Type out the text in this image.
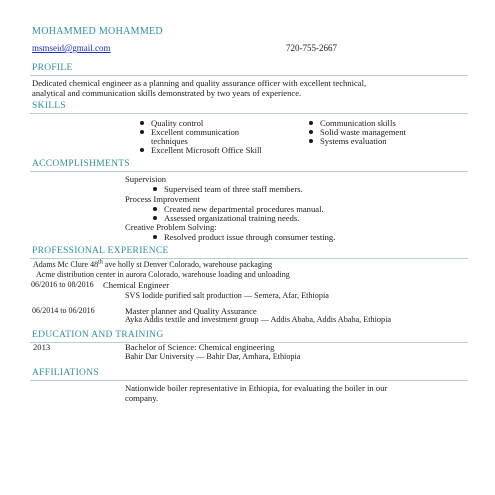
MOHAMMED MOHAMMED
msmseid@gmail.com	720-755-2667
PROFILE
Dedicated chemical engineer as a planning and quality assurance officer with excellent technical,
analytical and communication skills demonstrated by two years of experience.
SKILLS
Quality control
Excellent communication
techniques
Excellent Microsoft Office Skill
Communication skills
Solid waste management
Systems evaluation
ACCOMPLISHMENTS
Supervision
Supervised team of three staff members.
Process Improvement
Created new departmental procedures manual.
Assessed organizational training needs.
Creative Problem Solving:
Resolved product issue through consumer testing.
PROFESSIONAL EXPERIENCE
Adams Mc Clure 48th ave holly st Denver Colorado, warehouse packaging
Acme distribution center in aurora Colorado, warehouse loading and unloading
06/2016 to 08/2016 Chemical Engineer
SVS Iodide purified salt production — Semera, Afar, Ethiopia
06/2014 to 06/2016	Master planner and Quality Assurance
Ayka Addis textile and investment group — Addis Ababa, Addis Ababa, Ethiopia
EDUCATION AND TRAINING
2013	Bachelor of Science: Chemical engineering
Bahir Dar University — Bahir Dar, Amhara, Ethiopia
AFFILIATIONS
Nationwide boiler representative in Ethiopia, for evaluating the boiler in our
company.
